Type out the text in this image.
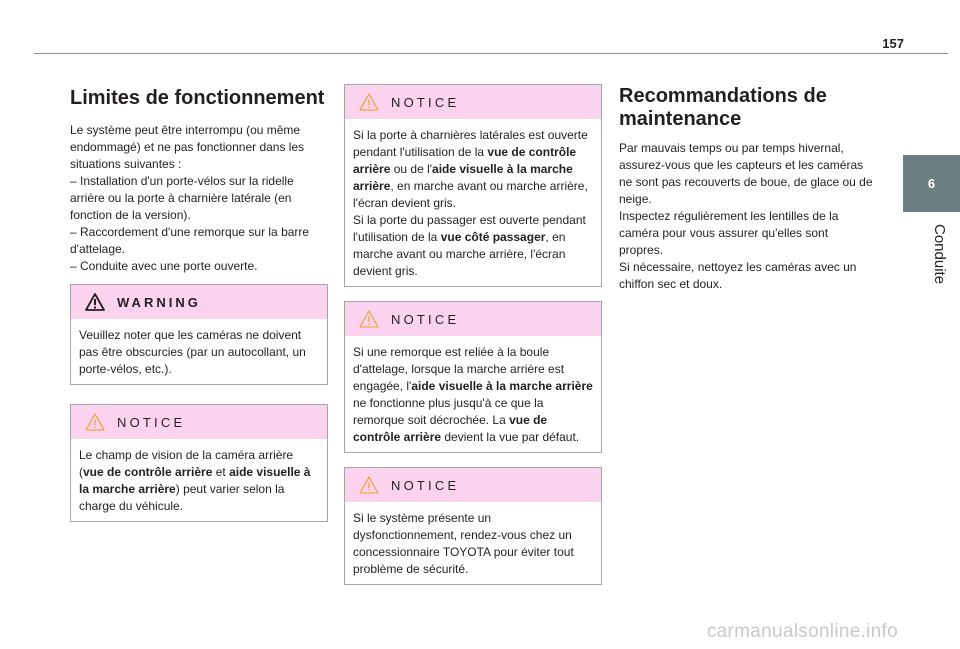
157
6
Conduite
Limites de fonctionnement
Le système peut être interrompu (ou même endommagé) et ne pas fonctionner dans les situations suivantes :
– Installation d'un porte-vélos sur la ridelle arrière ou la porte à charnière latérale (en fonction de la version).
– Raccordement d'une remorque sur la barre d'attelage.
– Conduite avec une porte ouverte.
WARNING
Veuillez noter que les caméras ne doivent pas être obscurcies (par un autocollant, un porte-vélos, etc.).
NOTICE
Le champ de vision de la caméra arrière (vue de contrôle arrière et aide visuelle à la marche arrière) peut varier selon la charge du véhicule.
NOTICE
Si la porte à charnières latérales est ouverte pendant l'utilisation de la vue de contrôle arrière ou de l'aide visuelle à la marche arrière, en marche avant ou marche arrière, l'écran devient gris.
Si la porte du passager est ouverte pendant l'utilisation de la vue côté passager, en marche avant ou marche arrière, l'écran devient gris.
NOTICE
Si une remorque est reliée à la boule d'attelage, lorsque la marche arrière est engagée, l'aide visuelle à la marche arrière ne fonctionne plus jusqu'à ce que la remorque soit décrochée. La vue de contrôle arrière devient la vue par défaut.
NOTICE
Si le système présente un dysfonctionnement, rendez-vous chez un concessionnaire TOYOTA pour éviter tout problème de sécurité.
Recommandations de maintenance
Par mauvais temps ou par temps hivernal, assurez-vous que les capteurs et les caméras ne sont pas recouverts de boue, de glace ou de neige.
Inspectez régulièrement les lentilles de la caméra pour vous assurer qu'elles sont propres.
Si nécessaire, nettoyez les caméras avec un chiffon sec et doux.
carmanualsonline.info
